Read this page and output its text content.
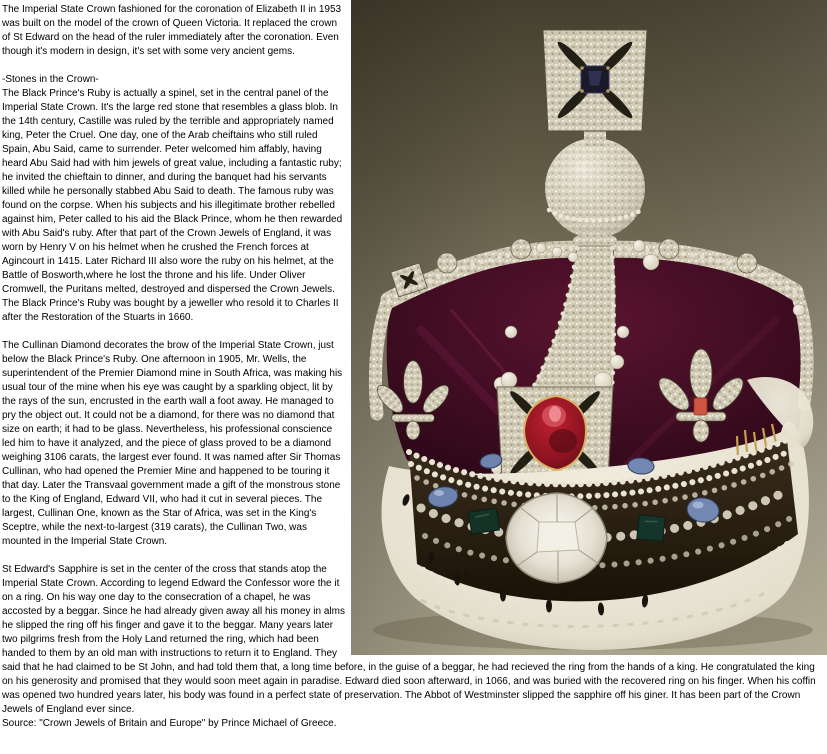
The Imperial State Crown fashioned for the coronation of Elizabeth II in 1953 was built on the model of the crown of Queen Victoria. It replaced the crown of St Edward on the head of the ruler immediately after the coronation. Even though it's modern in design, it's set with some very ancient gems.

-Stones in the Crown-
The Black Prince's Ruby is actually a spinel, set in the central panel of the Imperial State Crown. It's the large red stone that resembles a glass blob. In the 14th century, Castille was ruled by the terrible and appropriately named king, Peter the Cruel. One day, one of the Arab cheiftains who still ruled Spain, Abu Said, came to surrender. Peter welcomed him affably, having heard Abu Said had with him jewels of great value, including a fantastic ruby; he invited the chieftain to dinner, and during the banquet had his servants killed while he personally stabbed Abu Said to death. The famous ruby was found on the corpse. When his subjects and his illegitimate brother rebelled against him, Peter called to his aid the Black Prince, whom he then rewarded with Abu Said's ruby. After that part of the Crown Jewels of England, it was worn by Henry V on his helmet when he crushed the French forces at Agincourt in 1415. Later Richard III also wore the ruby on his helmet, at the Battle of Bosworth,where he lost the throne and his life. Under Oliver Cromwell, the Puritans melted, destroyed and dispersed the Crown Jewels. The Black Prince's Ruby was bought by a jeweller who resold it to Charles II after the Restoration of the Stuarts in 1660.

The Cullinan Diamond decorates the brow of the Imperial State Crown, just below the Black Prince's Ruby. One afternoon in 1905, Mr. Wells, the superintendent of the Premier Diamond mine in South Africa, was making his usual tour of the mine when his eye was caught by a sparkling object, lit by the rays of the sun, encrusted in the earth wall a foot away. He managed to pry the object out. It could not be a diamond, for there was no diamond that size on earth; it had to be glass. Nevertheless, his professional conscience led him to have it analyzed, and the piece of glass proved to be a diamond weighing 3106 carats, the largest ever found. It was named after Sir Thomas Cullinan, who had opened the Premier Mine and happened to be touring it that day. Later the Transvaal government made a gift of the monstrous stone to the King of England, Edward VII, who had it cut in several pieces. The largest, Cullinan One, known as the Star of Africa, was set in the King's Sceptre, while the next-to-largest (319 carats), the Cullinan Two, was mounted in the Imperial State Crown.

St Edward's Sapphire is set in the center of the cross that stands atop the Imperial State Crown. According to legend Edward the Confessor wore the it on a ring. On his way one day to the consecration of a chapel, he was accosted by a beggar. Since he had already given away all his money in alms he slipped the ring off his finger and gave it to the beggar. Many years later two pilgrims fresh from the Holy Land returned the ring, which had been handed to them by an old man with instructions to return it to England. They said that he had claimed to be St John, and had told them that, a long time before, in the guise of a beggar, he had recieved the ring from the hands of a king. He congratulated the king on his generosity and promised that they would soon meet again in paradise. Edward died soon afterward, in 1066, and was buried with the recovered ring on his finger. When his coffin was opened two hundred years later, his body was found in a perfect state of preservation. The Abbot of Westminster slipped the sapphire off his giner. It has been part of the Crown Jewels of England ever since.

Source: "Crown Jewels of Britain and Europe" by Prince Michael of Greece.
